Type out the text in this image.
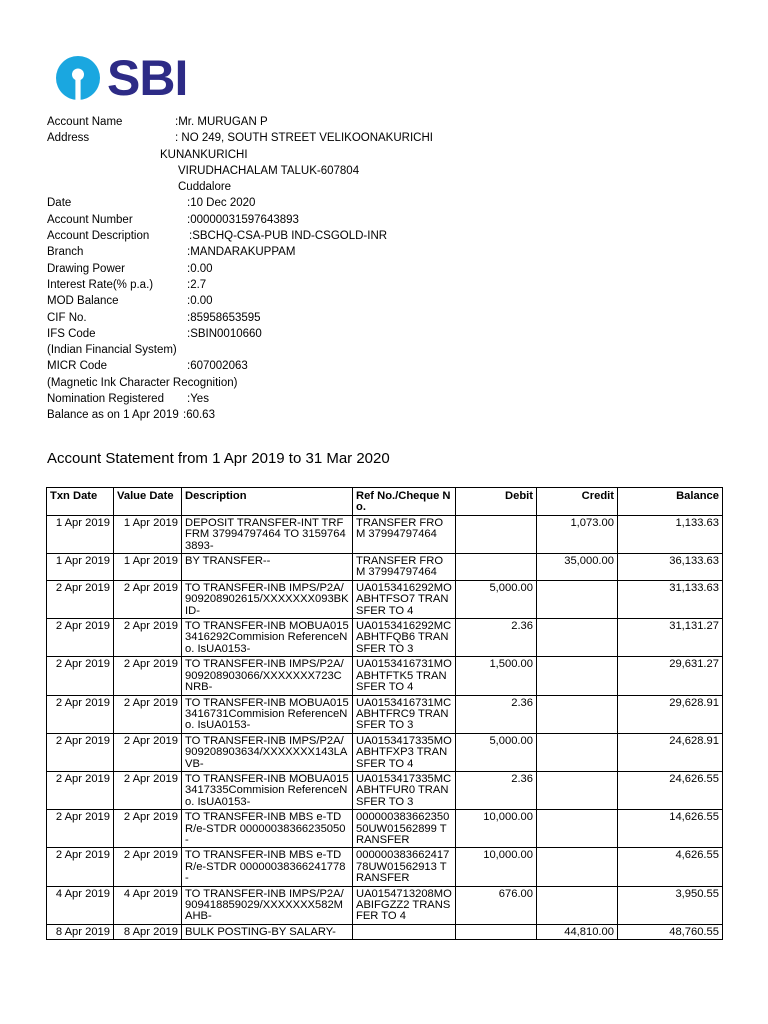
SBI
Account Name	:Mr. MURUGAN P
Address	: NO 249, SOUTH STREET VELIKOONAKURICHI
KUNANKURICHI
VIRUDHACHALAM TALUK-607804
Cuddalore
Date	:10 Dec 2020
Account Number	:00000031597643893
Account Description	:SBCHQ-CSA-PUB IND-CSGOLD-INR
Branch	:MANDARAKUPPAM
Drawing Power	:0.00
Interest Rate(% p.a.)	:2.7
MOD Balance	:0.00
CIF No.	:85958653595
IFS Code	:SBIN0010660
(Indian Financial System)
MICR Code	:607002063
(Magnetic Ink Character Recognition)
Nomination Registered :Yes
Balance as on 1 Apr 2019 :60.63
Account Statement from 1 Apr 2019 to 31 Mar 2020
Txn Date	Value Date	Description	Ref No./Cheque No.	Debit	Credit	Balance
1 Apr 2019	1 Apr 2019	DEPOSIT TRANSFER-INT TRF FRM 37994797464 TO 31597643893-	TRANSFER FROM 37994797464		1,073.00	1,133.63
1 Apr 2019	1 Apr 2019	BY TRANSFER--	TRANSFER FROM 37994797464		35,000.00	36,133.63
2 Apr 2019	2 Apr 2019	TO TRANSFER-INB IMPS/P2A/909208902615/XXXXXXX093BKID-	UA0153416292MOABHTFSO7 TRANSFER TO 4	5,000.00		31,133.63
2 Apr 2019	2 Apr 2019	TO TRANSFER-INB MOBUA0153416292Commision ReferenceNo. IsUA0153-	UA0153416292MCABHTFQB6 TRANSFER TO 3	2.36		31,131.27
2 Apr 2019	2 Apr 2019	TO TRANSFER-INB IMPS/P2A/909208903066/XXXXXXX723CNRB-	UA0153416731MOABHTFTK5 TRANSFER TO 4	1,500.00		29,631.27
2 Apr 2019	2 Apr 2019	TO TRANSFER-INB MOBUA0153416731Commision ReferenceNo. IsUA0153-	UA0153416731MCABHTFRC9 TRANSFER TO 3	2.36		29,628.91
2 Apr 2019	2 Apr 2019	TO TRANSFER-INB IMPS/P2A/909208903634/XXXXXXX143LAVB-	UA0153417335MOABHTFXP3 TRANSFER TO 4	5,000.00		24,628.91
2 Apr 2019	2 Apr 2019	TO TRANSFER-INB MOBUA0153417335Commision ReferenceNo. IsUA0153-	UA0153417335MCABHTFUR0 TRANSFER TO 3	2.36		24,626.55
2 Apr 2019	2 Apr 2019	TO TRANSFER-INB MBS e-TDR/e-STDR 00000038366235050-	00000038366235050UW01562899 TRANSFER	10,000.00		14,626.55
2 Apr 2019	2 Apr 2019	TO TRANSFER-INB MBS e-TDR/e-STDR 00000038366241778-	00000038366241778UW01562913 TRANSFER	10,000.00		4,626.55
4 Apr 2019	4 Apr 2019	TO TRANSFER-INB IMPS/P2A/909418859029/XXXXXXX582MAHB-	UA0154713208MOABIFGZZ2 TRANSFER TO 4	676.00		3,950.55
8 Apr 2019	8 Apr 2019	BULK POSTING-BY SALARY-			44,810.00	48,760.55
